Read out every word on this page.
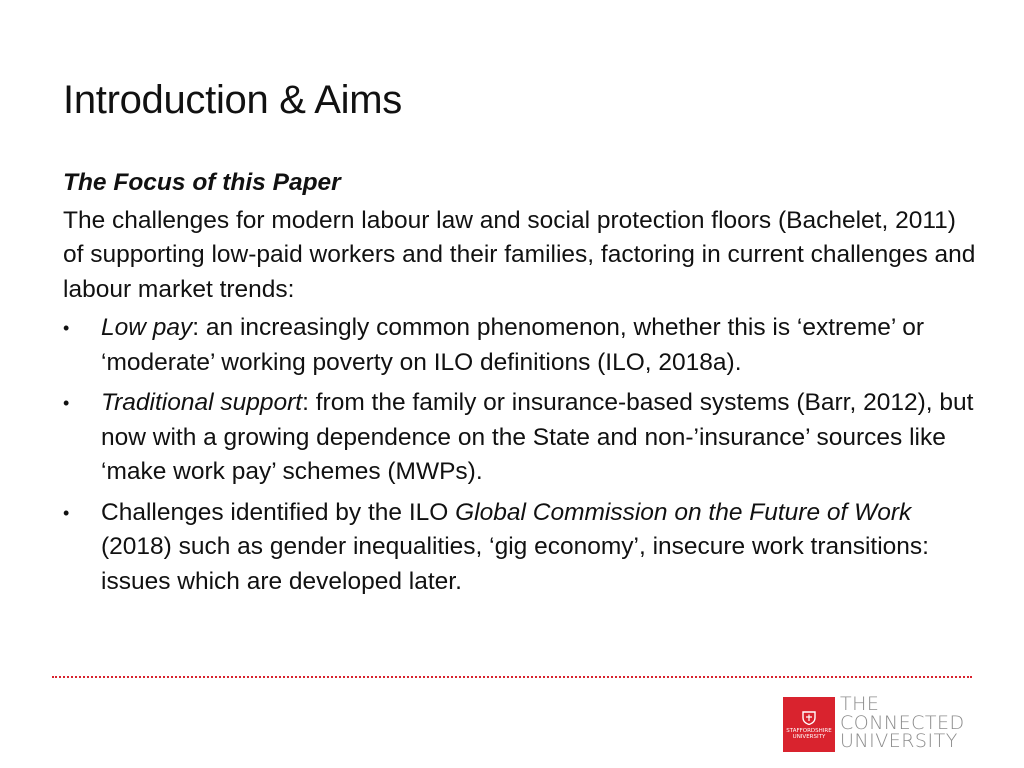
Introduction & Aims
The Focus of this Paper
The challenges for modern labour law and social protection floors (Bachelet, 2011) of supporting low-paid workers and their families, factoring in current challenges and labour market trends:
• Low pay: an increasingly common phenomenon, whether this is ‘extreme’ or ‘moderate’ working poverty on ILO definitions (ILO, 2018a).
• Traditional support: from the family or insurance-based systems (Barr, 2012), but now with a growing dependence on the State and non-’insurance’ sources like ‘make work pay’ schemes (MWPs).
• Challenges identified by the ILO Global Commission on the Future of Work (2018) such as gender inequalities, ‘gig economy’, insecure work transitions: issues which are developed later.
STAFFORDSHIRE
UNIVERSITY
THE
CONNECTED
UNIVERSITY
